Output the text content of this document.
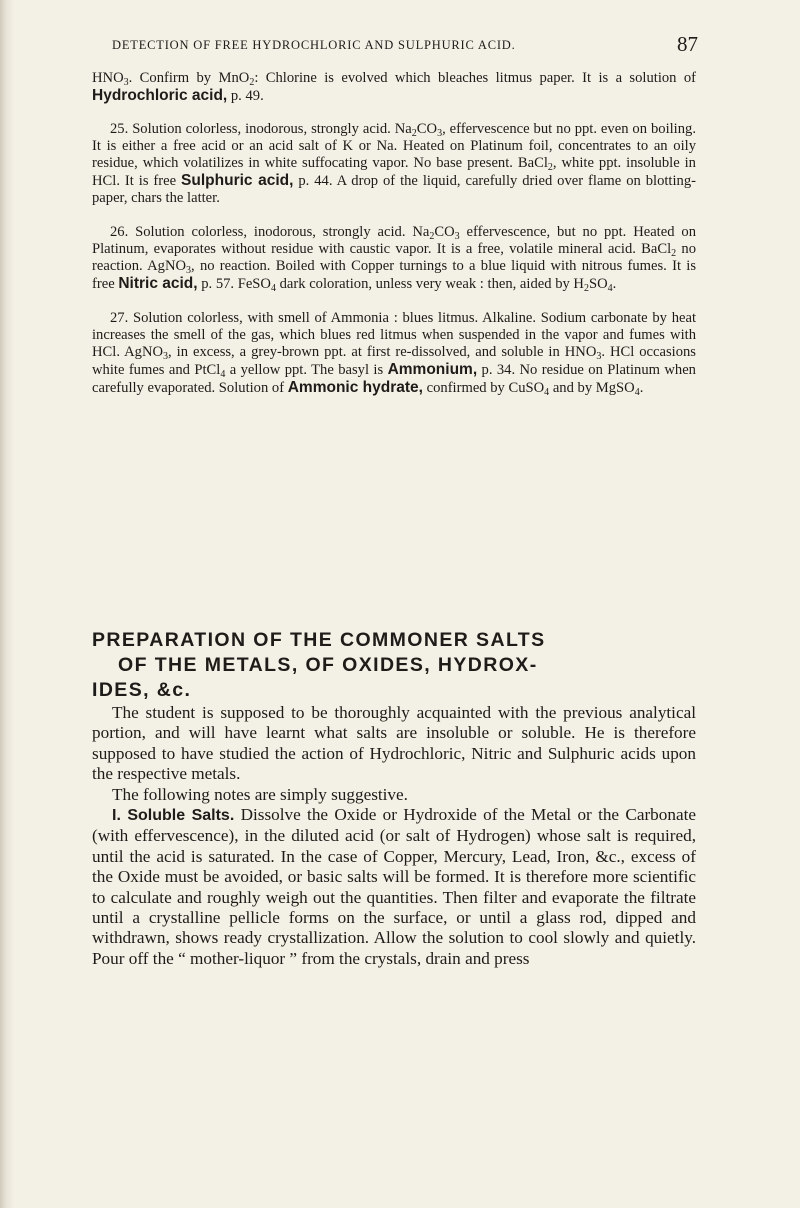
DETECTION OF FREE HYDROCHLORIC AND SULPHURIC ACID.	87

$HNO_3$. Confirm by MnO$_2$: Chlorine is evolved which bleaches litmus paper. It is a solution of Hydrochloric acid, p. 49.

25. Solution colorless, inodorous, strongly acid. $Na_2CO_3$, effervescence but no ppt. even on boiling. It is either a free acid or an acid salt of K or Na. Heated on Platinum foil, concentrates to an oily residue, which volatilizes in white suffocating vapor. No base present. BaCl$_2$, white ppt. insoluble in HCl. It is free Sulphuric acid, p. 44. A drop of the liquid, carefully dried over flame on blotting-paper, chars the latter.

26. Solution colorless, inodorous, strongly acid. $Na_2CO_3$ effervescence, but no ppt. Heated on Platinum, evaporates without residue with caustic vapor. It is a free, volatile mineral acid. BaCl$_2$ no reaction. AgNO$_3$, no reaction. Boiled with Copper turnings to a blue liquid with nitrous fumes. It is free Nitric acid, p. 57. FeSO$_4$ dark coloration, unless very weak : then, aided by $H_2SO_4$.

27. Solution colorless, with smell of Ammonia : blues litmus. Alkaline. Sodium carbonate by heat increases the smell of the gas, which blues red litmus when suspended in the vapor and fumes with HCl. AgNO$_3$, in excess, a grey-brown ppt. at first re-dissolved, and soluble in $HNO_3$. HCl occasions white fumes and PtCl$_4$ a yellow ppt. The basyl is Ammonium, p. 34. No residue on Platinum when carefully evaporated. Solution of Ammonic hydrate, confirmed by CuSO$_4$ and by MgSO$_4$.

PREPARATION OF THE COMMONER SALTS
OF THE METALS, OF OXIDES, HYDROX-
IDES, &c.

The student is supposed to be thoroughly acquainted with the previous analytical portion, and will have learnt what salts are insoluble or soluble. He is therefore supposed to have studied the action of Hydrochloric, Nitric and Sulphuric acids upon the respective metals.

The following notes are simply suggestive.

I. Soluble Salts. Dissolve the Oxide or Hydroxide of the Metal or the Carbonate (with effervescence), in the diluted acid (or salt of Hydrogen) whose salt is required, until the acid is saturated. In the case of Copper, Mercury, Lead, Iron, &c., excess of the Oxide must be avoided, or basic salts will be formed. It is therefore more scientific to calculate and roughly weigh out the quantities. Then filter and evaporate the filtrate until a crystalline pellicle forms on the surface, or until a glass rod, dipped and withdrawn, shows ready crystallization. Allow the solution to cool slowly and quietly. Pour off the “ mother-liquor ” from the crystals, drain and press
